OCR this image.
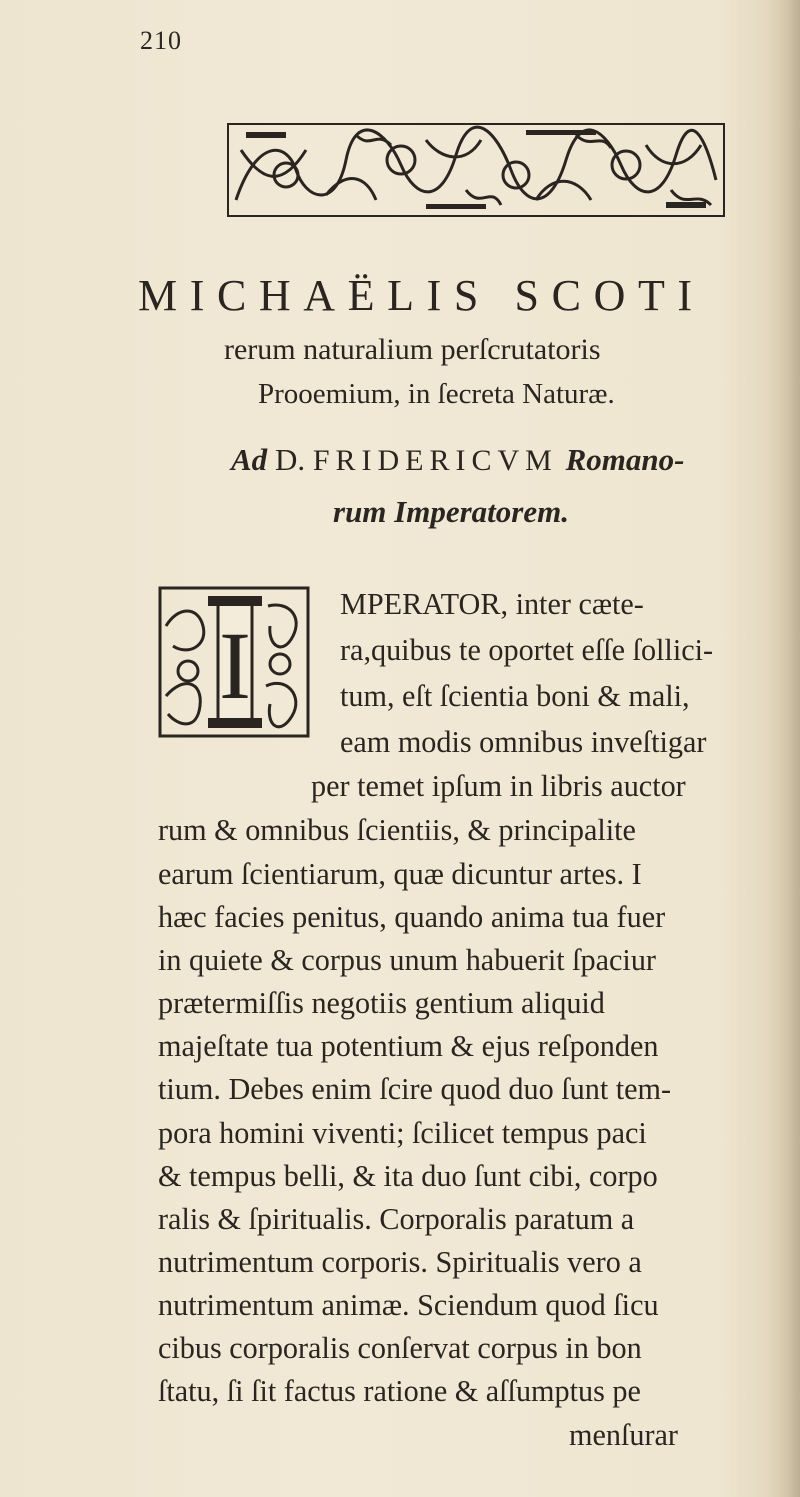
210
MICHAËLIS SCOTI
rerum naturalium perſcrutatoris
Prooemium, in ſecreta Naturæ.
Ad D. FRIDERICVM Romano-
rum Imperatorem.
I
MPERATOR, inter cæte-
ra,quibus te oportet eſſe ſollici-
tum, eſt ſcientia boni & mali,
eam modis omnibus inveſtigar
per temet ipſum in libris auctor
rum & omnibus ſcientiis, & principalite
earum ſcientiarum, quæ dicuntur artes. I
hæc facies penitus, quando anima tua fuer
in quiete & corpus unum habuerit ſpaciur
prætermiſſis negotiis gentium aliquid
majeſtate tua potentium & ejus reſponden
tium. Debes enim ſcire quod duo ſunt tem-
pora homini viventi; ſcilicet tempus paci
& tempus belli, & ita duo ſunt cibi, corpo
ralis & ſpiritualis. Corporalis paratum a
nutrimentum corporis. Spiritualis vero a
nutrimentum animæ. Sciendum quod ſicu
cibus corporalis conſervat corpus in bon
ſtatu, ſi ſit factus ratione & aſſumptus pe
menſurar
